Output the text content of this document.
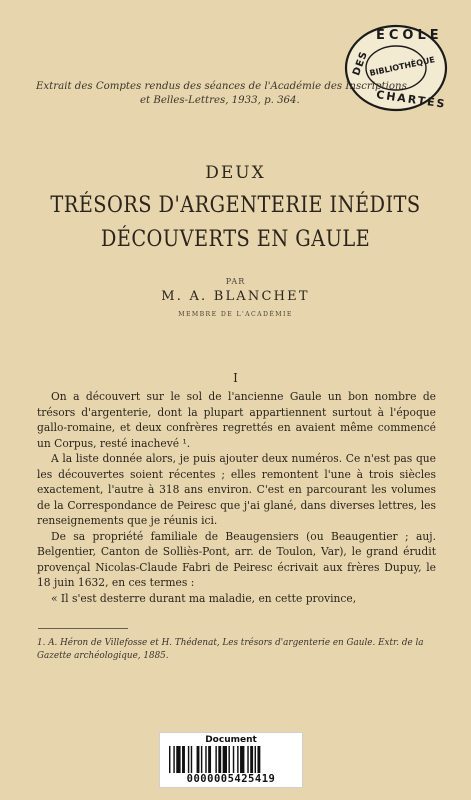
ECOLE
DES
BIBLIOTHÈQUE
CHARTES
Extrait des Comptes rendus des séances de l'Académie des Inscriptions
et Belles-Lettres, 1933, p. 364.
DEUX
TRÉSORS D'ARGENTERIE INÉDITS
DÉCOUVERTS EN GAULE
PAR
M. A. BLANCHET
MEMBRE DE L'ACADÉMIE
I

On a découvert sur le sol de l'ancienne Gaule un bon nombre de trésors d'argenterie, dont la plupart appartiennent surtout à l'époque gallo-romaine, et deux confrères regrettés en avaient même commencé un Corpus, resté inachevé ¹.

A la liste donnée alors, je puis ajouter deux numéros. Ce n'est pas que les découvertes soient récentes ; elles remontent l'une à trois siècles exactement, l'autre à 318 ans environ. C'est en parcourant les volumes de la Correspondance de Peiresc que j'ai glané, dans diverses lettres, les renseignements que je réunis ici.

De sa propriété familiale de Beaugensiers (ou Beaugentier ; auj. Belgentier, Canton de Solliès-Pont, arr. de Toulon, Var), le grand érudit provençal Nicolas-Claude Fabri de Peiresc écrivait aux frères Dupuy, le 18 juin 1632, en ces termes :

« Il s'est desterre durant ma maladie, en cette province,

1. A. Héron de Villefosse et H. Thédenat, Les trésors d'argenterie en Gaule. Extr. de la Gazette archéologique, 1885.
Document
0000005425419
